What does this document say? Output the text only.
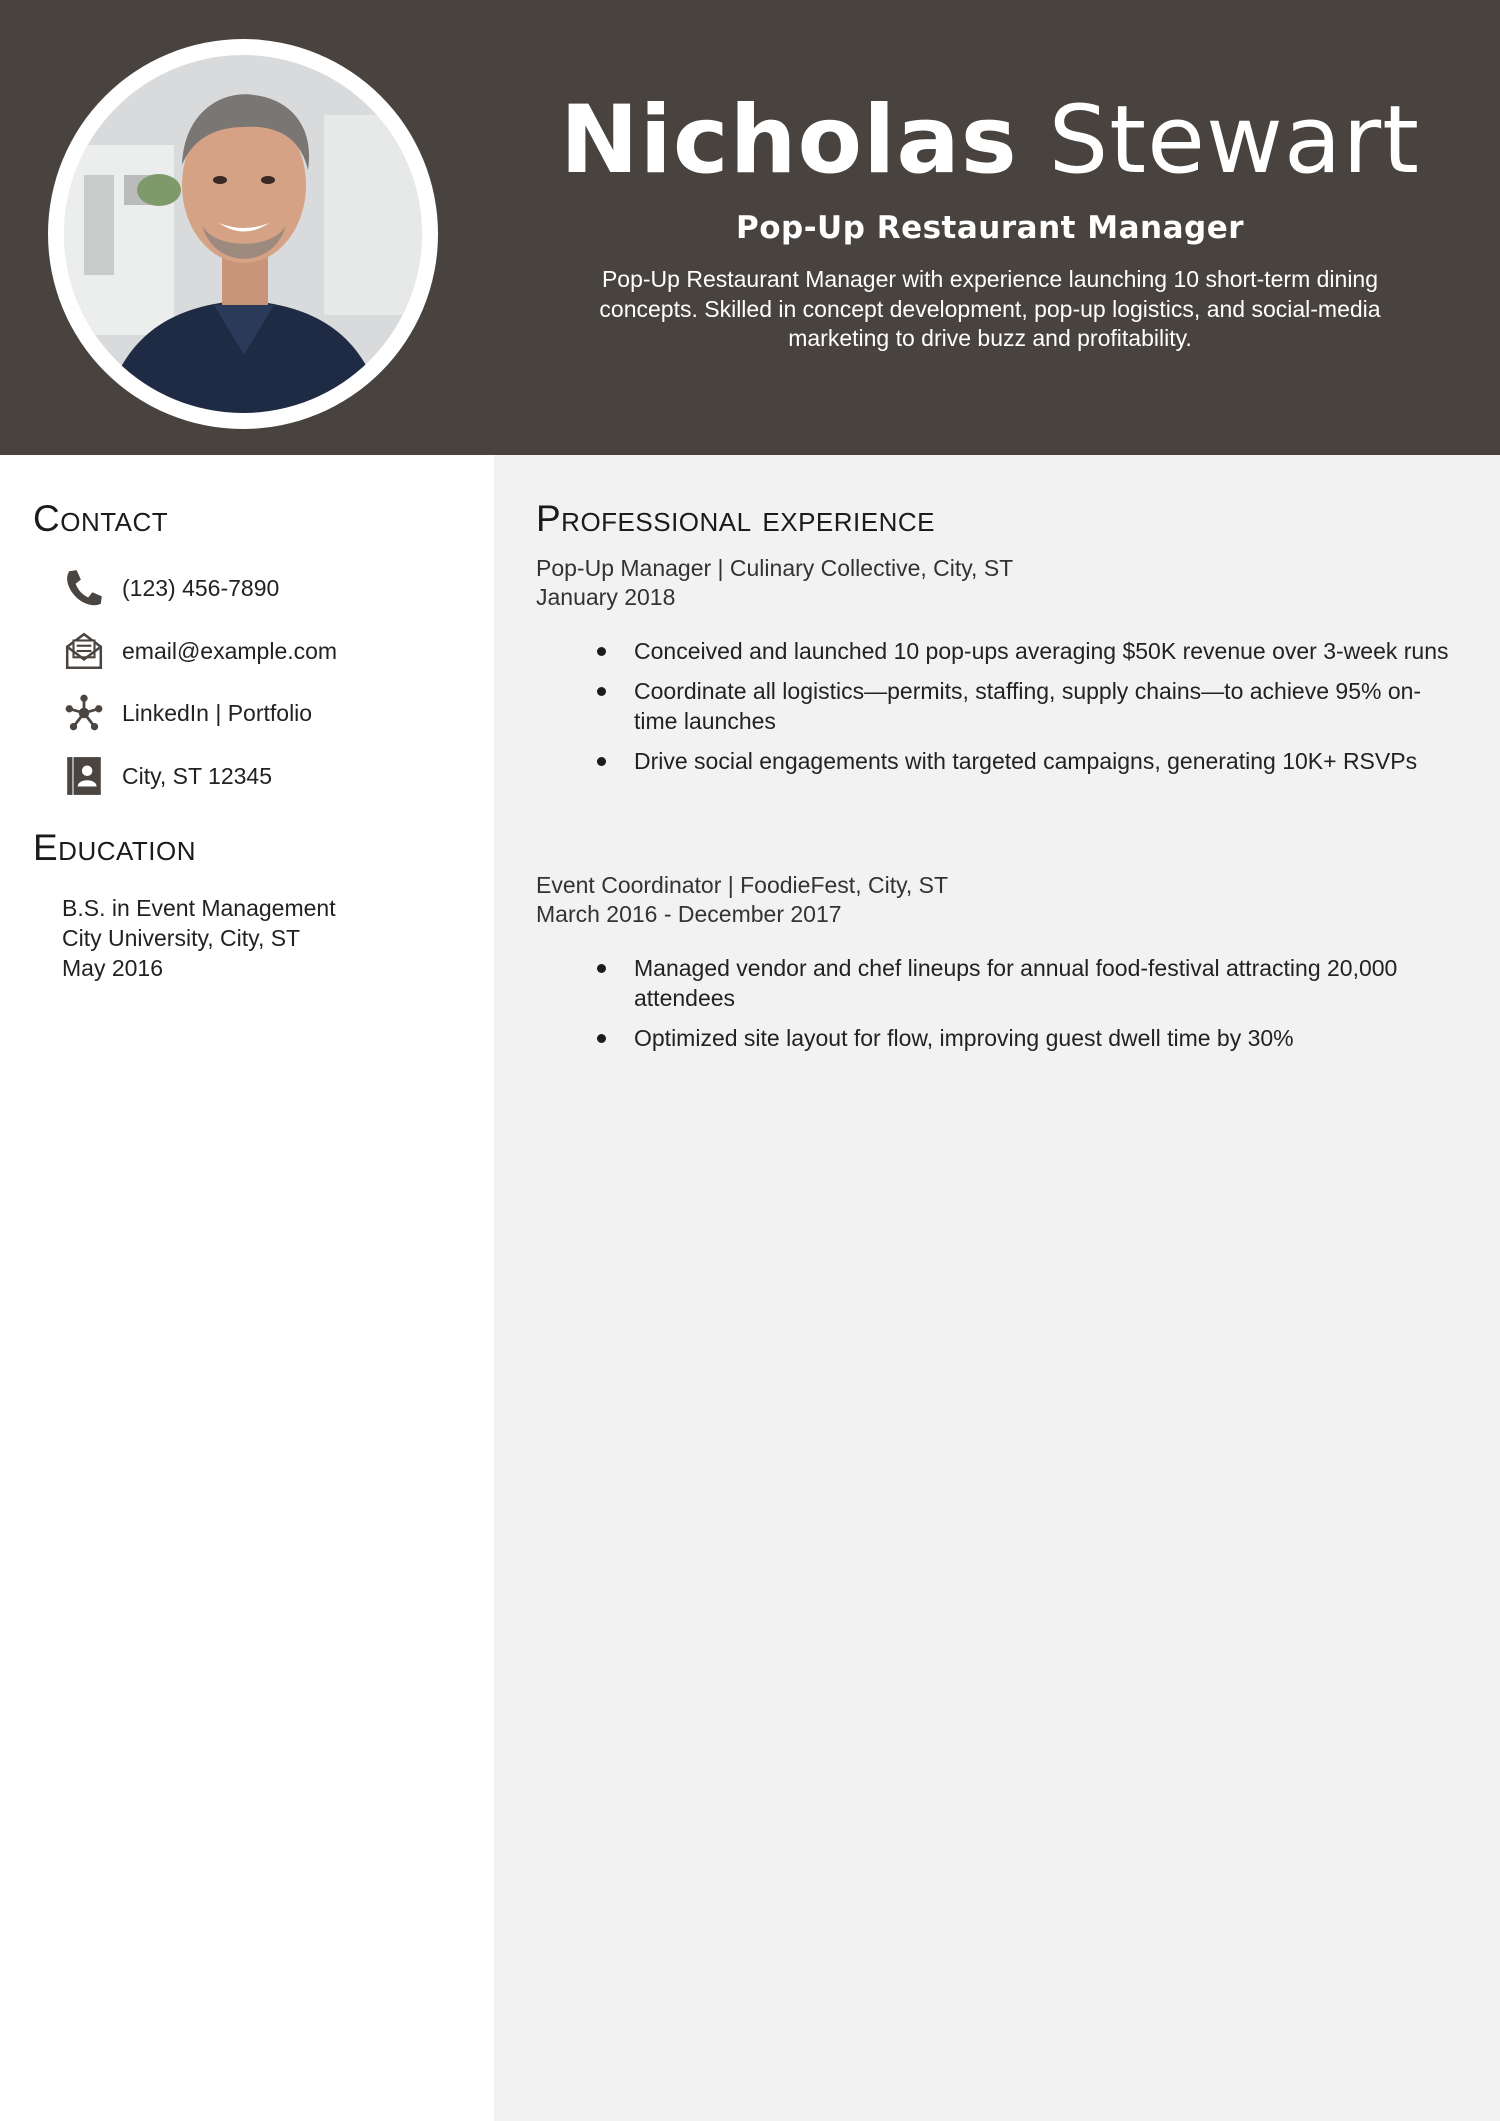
Nicholas Stewart
Pop-Up Restaurant Manager
Pop-Up Restaurant Manager with experience launching 10 short-term dining concepts. Skilled in concept development, pop-up logistics, and social-media marketing to drive buzz and profitability.
Contact
(123) 456-7890
email@example.com
LinkedIn | Portfolio
City, ST 12345
Education
B.S. in Event Management
City University, City, ST
May 2016
Professional experience
Pop-Up Manager | Culinary Collective, City, ST
January 2018
Conceived and launched 10 pop-ups averaging $50K revenue over 3-week runs
Coordinate all logistics—permits, staffing, supply chains—to achieve 95% on-time launches
Drive social engagements with targeted campaigns, generating 10K+ RSVPs
Event Coordinator | FoodieFest, City, ST
March 2016 - December 2017
Managed vendor and chef lineups for annual food-festival attracting 20,000 attendees
Optimized site layout for flow, improving guest dwell time by 30%
